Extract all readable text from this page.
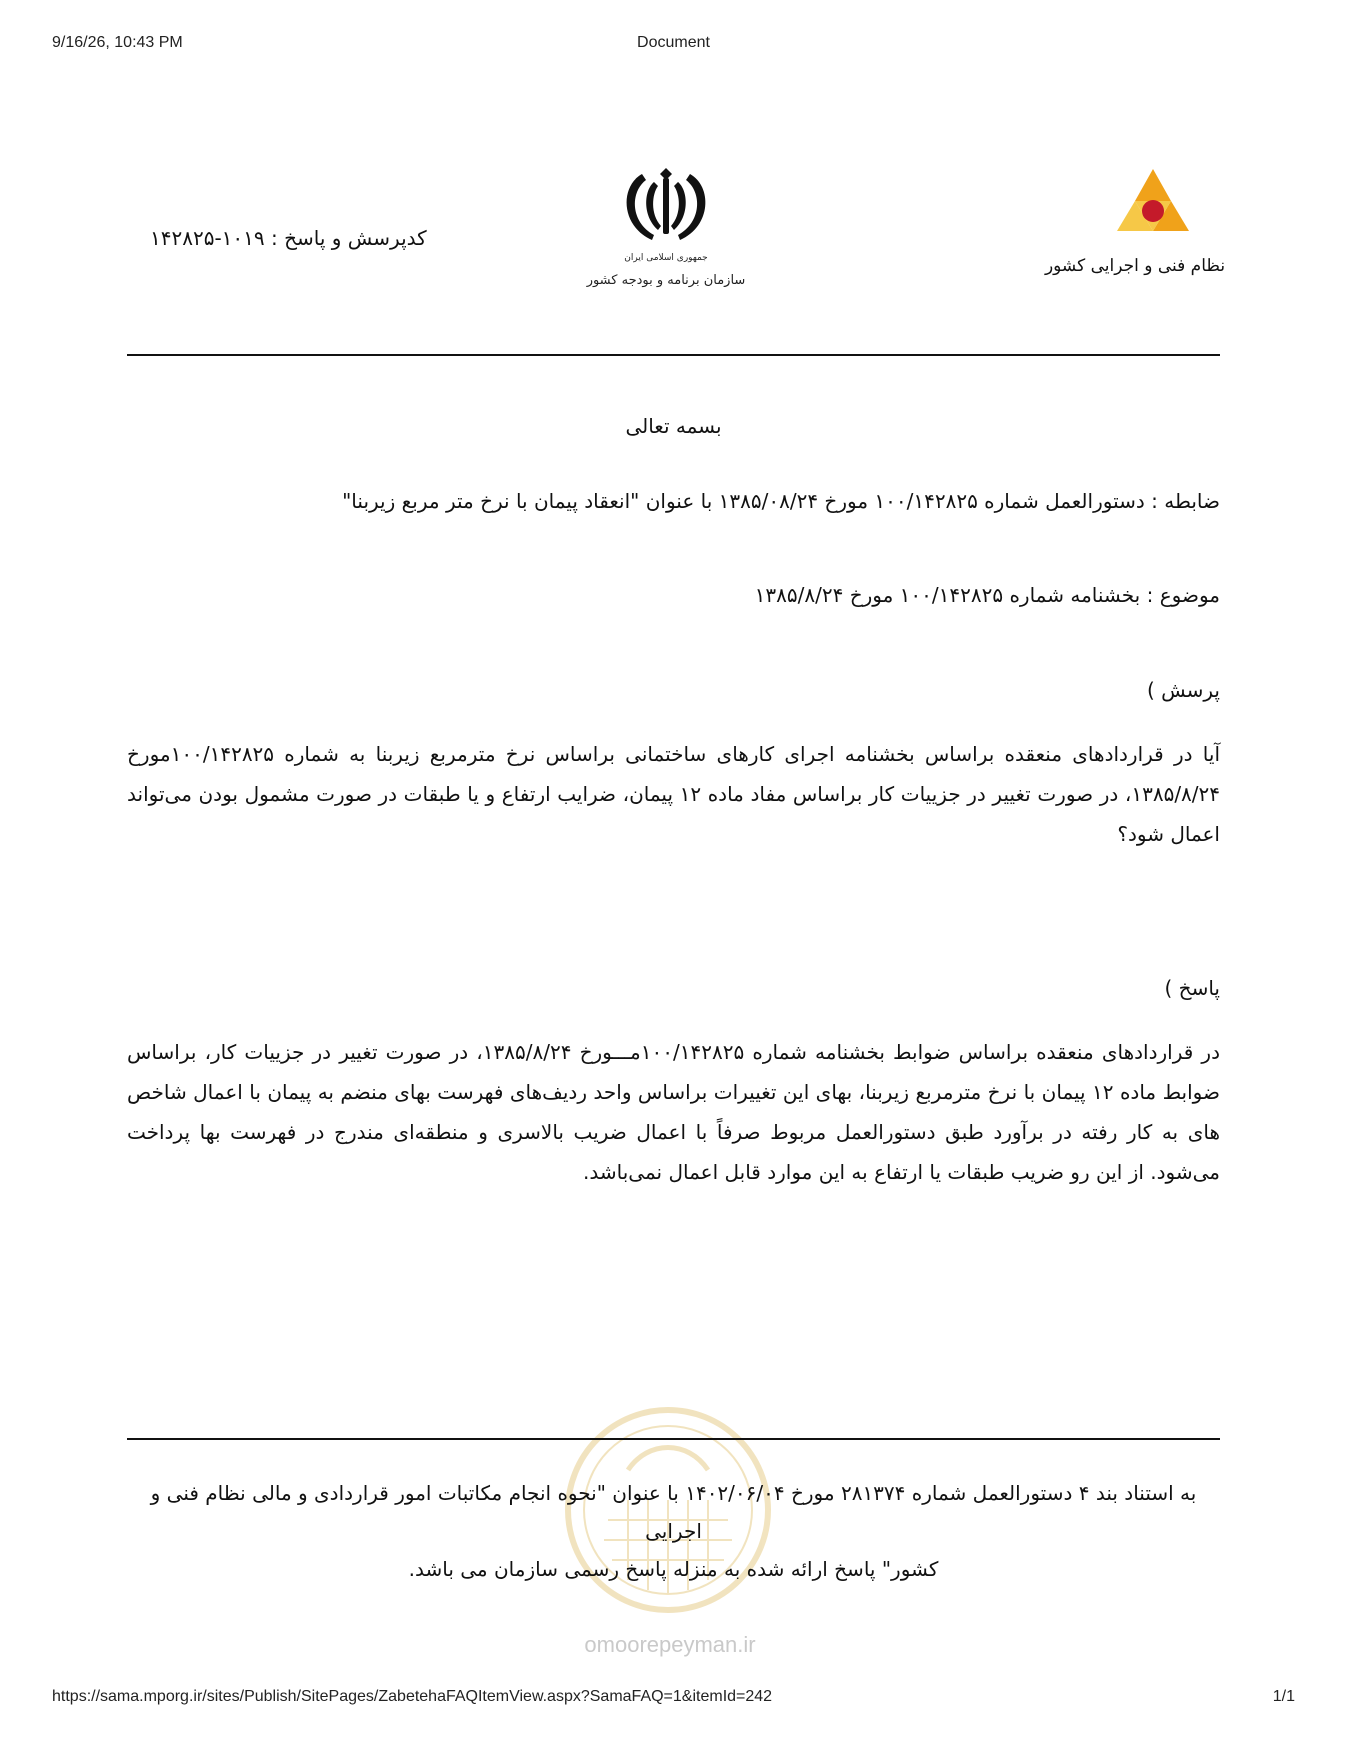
9/16/26, 10:43 PM	Document
جمهوری اسلامی ایران
سازمان برنامه و بودجه کشور
نظام فنی و اجرایی کشور
کدپرسش و پاسخ : ۱۰۱۹-۱۴۲۸۲۵
بسمه تعالی
ضابطه : دستورالعمل شماره ۱۰۰/۱۴۲۸۲۵ مورخ ۱۳۸۵/۰۸/۲۴ با عنوان "انعقاد پیمان با نرخ متر مربع زیربنا"
موضوع : بخشنامه شماره ۱۰۰/۱۴۲۸۲۵ مورخ ۱۳۸۵/۸/۲۴
پرسش )
آیا در قراردادهای منعقده براساس بخشنامه اجرای کارهای ساختمانی براساس نرخ مترمربع زیربنا به شماره ۱۰۰/۱۴۲۸۲۵مورخ ۱۳۸۵/۸/۲۴، در صورت تغییر در جزییات کار براساس مفاد ماده ۱۲ پیمان، ضرایب ارتفاع و یا طبقات در صورت مشمول بودن می‌تواند اعمال شود؟
پاسخ )
در قراردادهای منعقده براساس ضوابط بخشنامه شماره ۱۰۰/۱۴۲۸۲۵مـــورخ ۱۳۸۵/۸/۲۴، در صورت تغییر در جزییات کار، براساس ضوابط ماده ۱۲ پیمان با نرخ مترمربع زیربنا، بهای این تغییرات براساس واحد ردیف‌های فهرست بهای منضم به پیمان با اعمال شاخص های به کار رفته در برآورد طبق دستورالعمل مربوط صرفاً با اعمال ضریب بالاسری و منطقه‌ای مندرج در فهرست بها پرداخت می‌شود. از این رو ضریب طبقات یا ارتفاع به این موارد قابل اعمال نمی‌باشد.
omoorepeyman.ir
به استناد بند ۴ دستورالعمل شماره ۲۸۱۳۷۴ مورخ ۱۴۰۲/۰۶/۰۴ با عنوان "نحوه انجام مکاتبات امور قراردادی و مالی نظام فنی و اجرایی
کشور" پاسخ ارائه شده به منزله پاسخ رسمی سازمان می باشد.
https://sama.mporg.ir/sites/Publish/SitePages/ZabetehaFAQItemView.aspx?SamaFAQ=1&itemId=242	1/1
